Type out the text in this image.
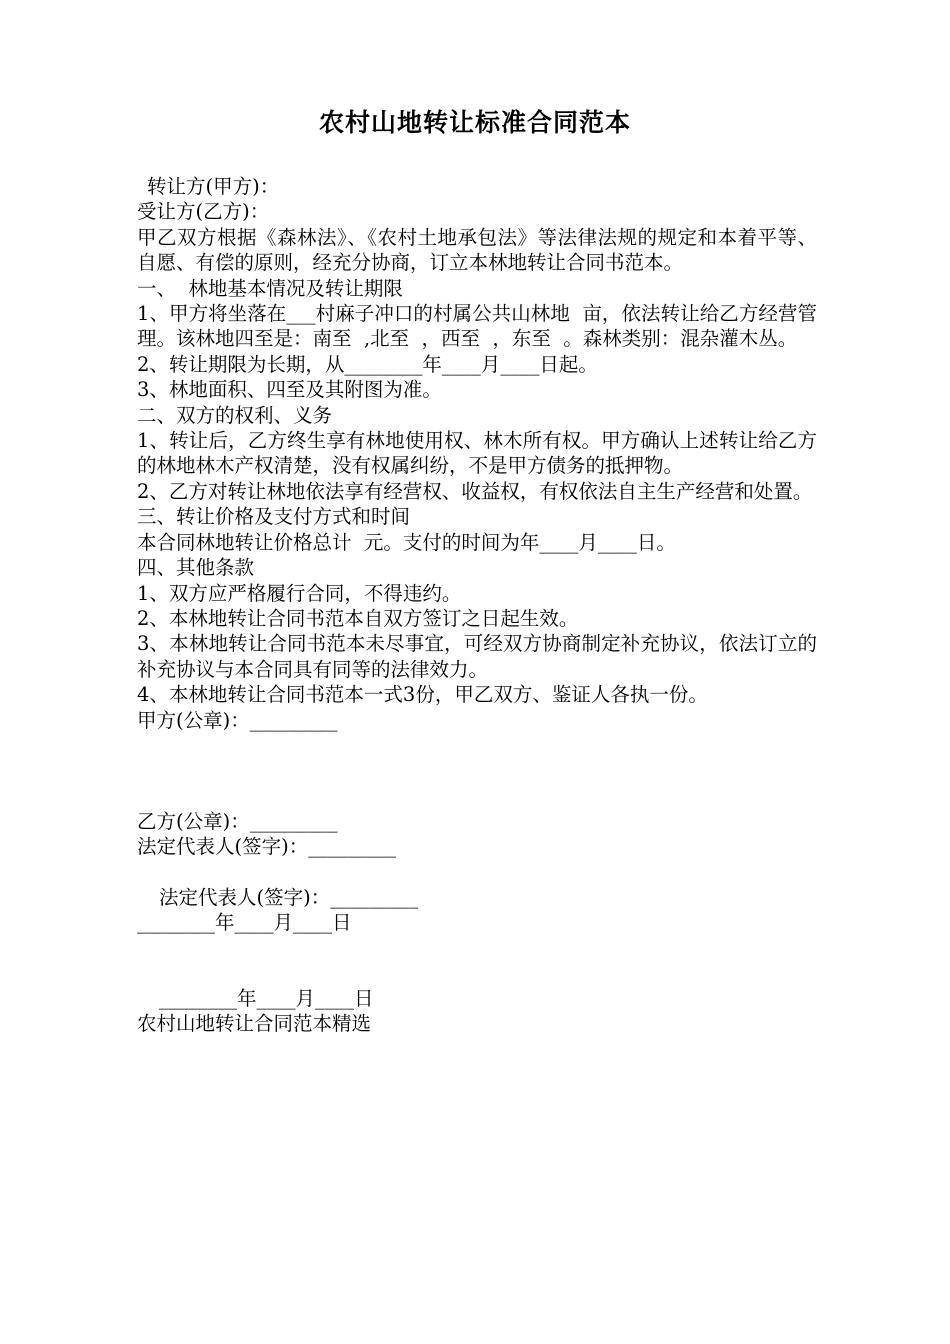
农村山地转让标准合同范本
转让方(甲方)：
受让方(乙方)：
甲乙双方根据《森林法》、《农村土地承包法》等法律法规的规定和本着平等、自愿、有偿的原则，经充分协商，订立本林地转让合同书范本。
一、  林地基本情况及转让期限
1、甲方将坐落在___村麻子冲口的村属公共山林地  亩，依法转让给乙方经营管理。该林地四至是：南至  ,北至  ，西至  ，东至  。森林类别：混杂灌木丛。
2、转让期限为长期，从________年____月____日起。
3、林地面积、四至及其附图为准。
二、双方的权利、义务
1、转让后，乙方终生享有林地使用权、林木所有权。甲方确认上述转让给乙方的林地林木产权清楚，没有权属纠纷，不是甲方债务的抵押物。
2、乙方对转让林地依法享有经营权、收益权，有权依法自主生产经营和处置。
三、转让价格及支付方式和时间
本合同林地转让价格总计  元。支付的时间为年____月____日。
四、其他条款
1、双方应严格履行合同，不得违约。
2、本林地转让合同书范本自双方签订之日起生效。
3、本林地转让合同书范本未尽事宜，可经双方协商制定补充协议，依法订立的补充协议与本合同具有同等的法律效力。
4、本林地转让合同书范本一式3份，甲乙双方、鉴证人各执一份。
甲方(公章)：_________
乙方(公章)：_________
法定代表人(签字)：_________
法定代表人(签字)：_________
________年____月____日
________年____月____日
农村山地转让合同范本精选
